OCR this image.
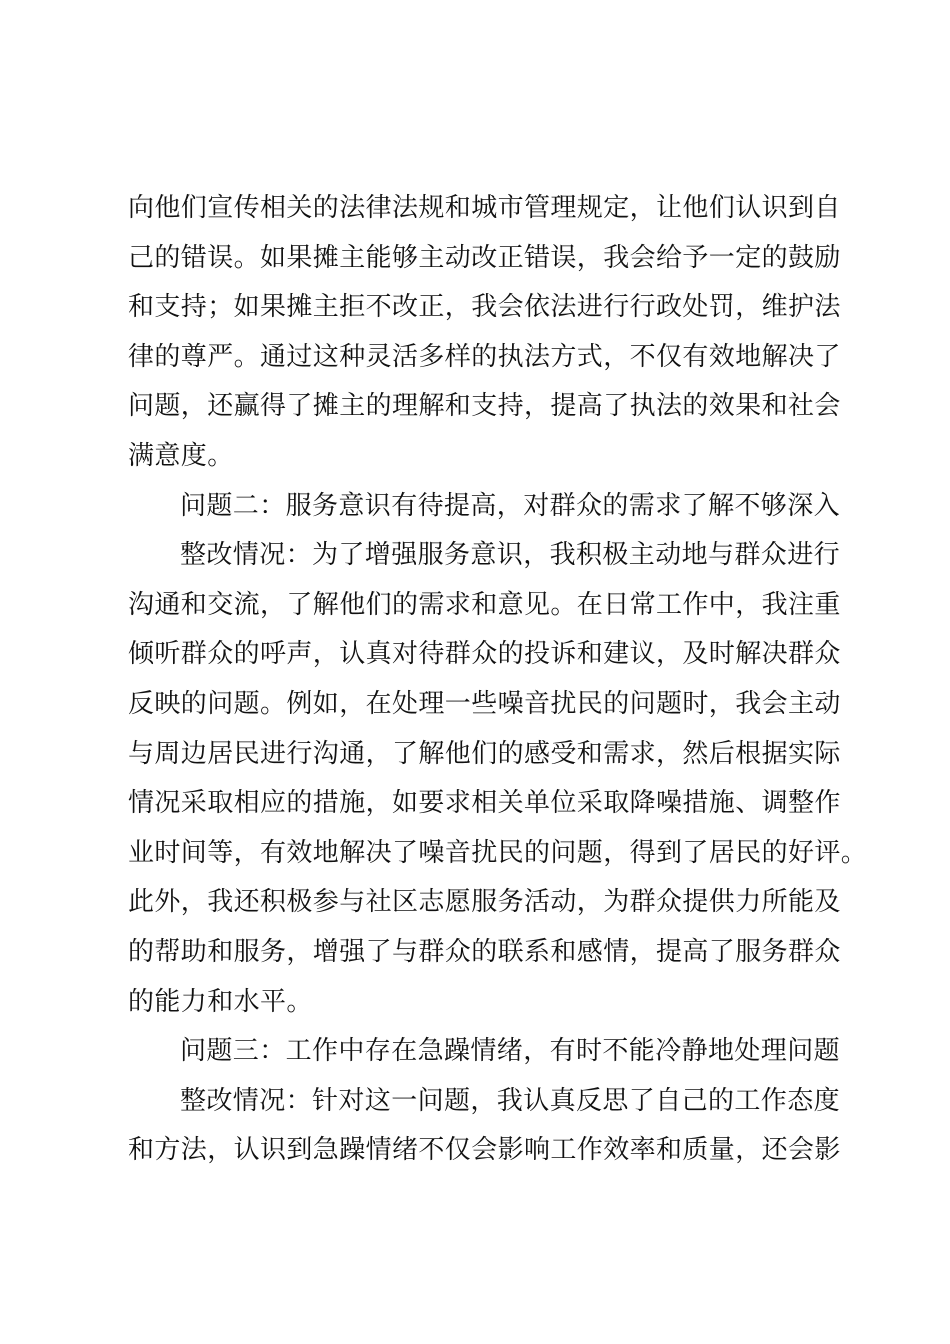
向他们宣传相关的法律法规和城市管理规定，让他们认识到自
己的错误。如果摊主能够主动改正错误，我会给予一定的鼓励
和支持；如果摊主拒不改正，我会依法进行行政处罚，维护法
律的尊严。通过这种灵活多样的执法方式，不仅有效地解决了
问题，还赢得了摊主的理解和支持，提高了执法的效果和社会
满意度。
问题二：服务意识有待提高，对群众的需求了解不够深入
整改情况：为了增强服务意识，我积极主动地与群众进行
沟通和交流，了解他们的需求和意见。在日常工作中，我注重
倾听群众的呼声，认真对待群众的投诉和建议，及时解决群众
反映的问题。例如，在处理一些噪音扰民的问题时，我会主动
与周边居民进行沟通，了解他们的感受和需求，然后根据实际
情况采取相应的措施，如要求相关单位采取降噪措施、调整作
业时间等，有效地解决了噪音扰民的问题，得到了居民的好评。
此外，我还积极参与社区志愿服务活动，为群众提供力所能及
的帮助和服务，增强了与群众的联系和感情，提高了服务群众
的能力和水平。
问题三：工作中存在急躁情绪，有时不能冷静地处理问题
整改情况：针对这一问题，我认真反思了自己的工作态度
和方法，认识到急躁情绪不仅会影响工作效率和质量，还会影
